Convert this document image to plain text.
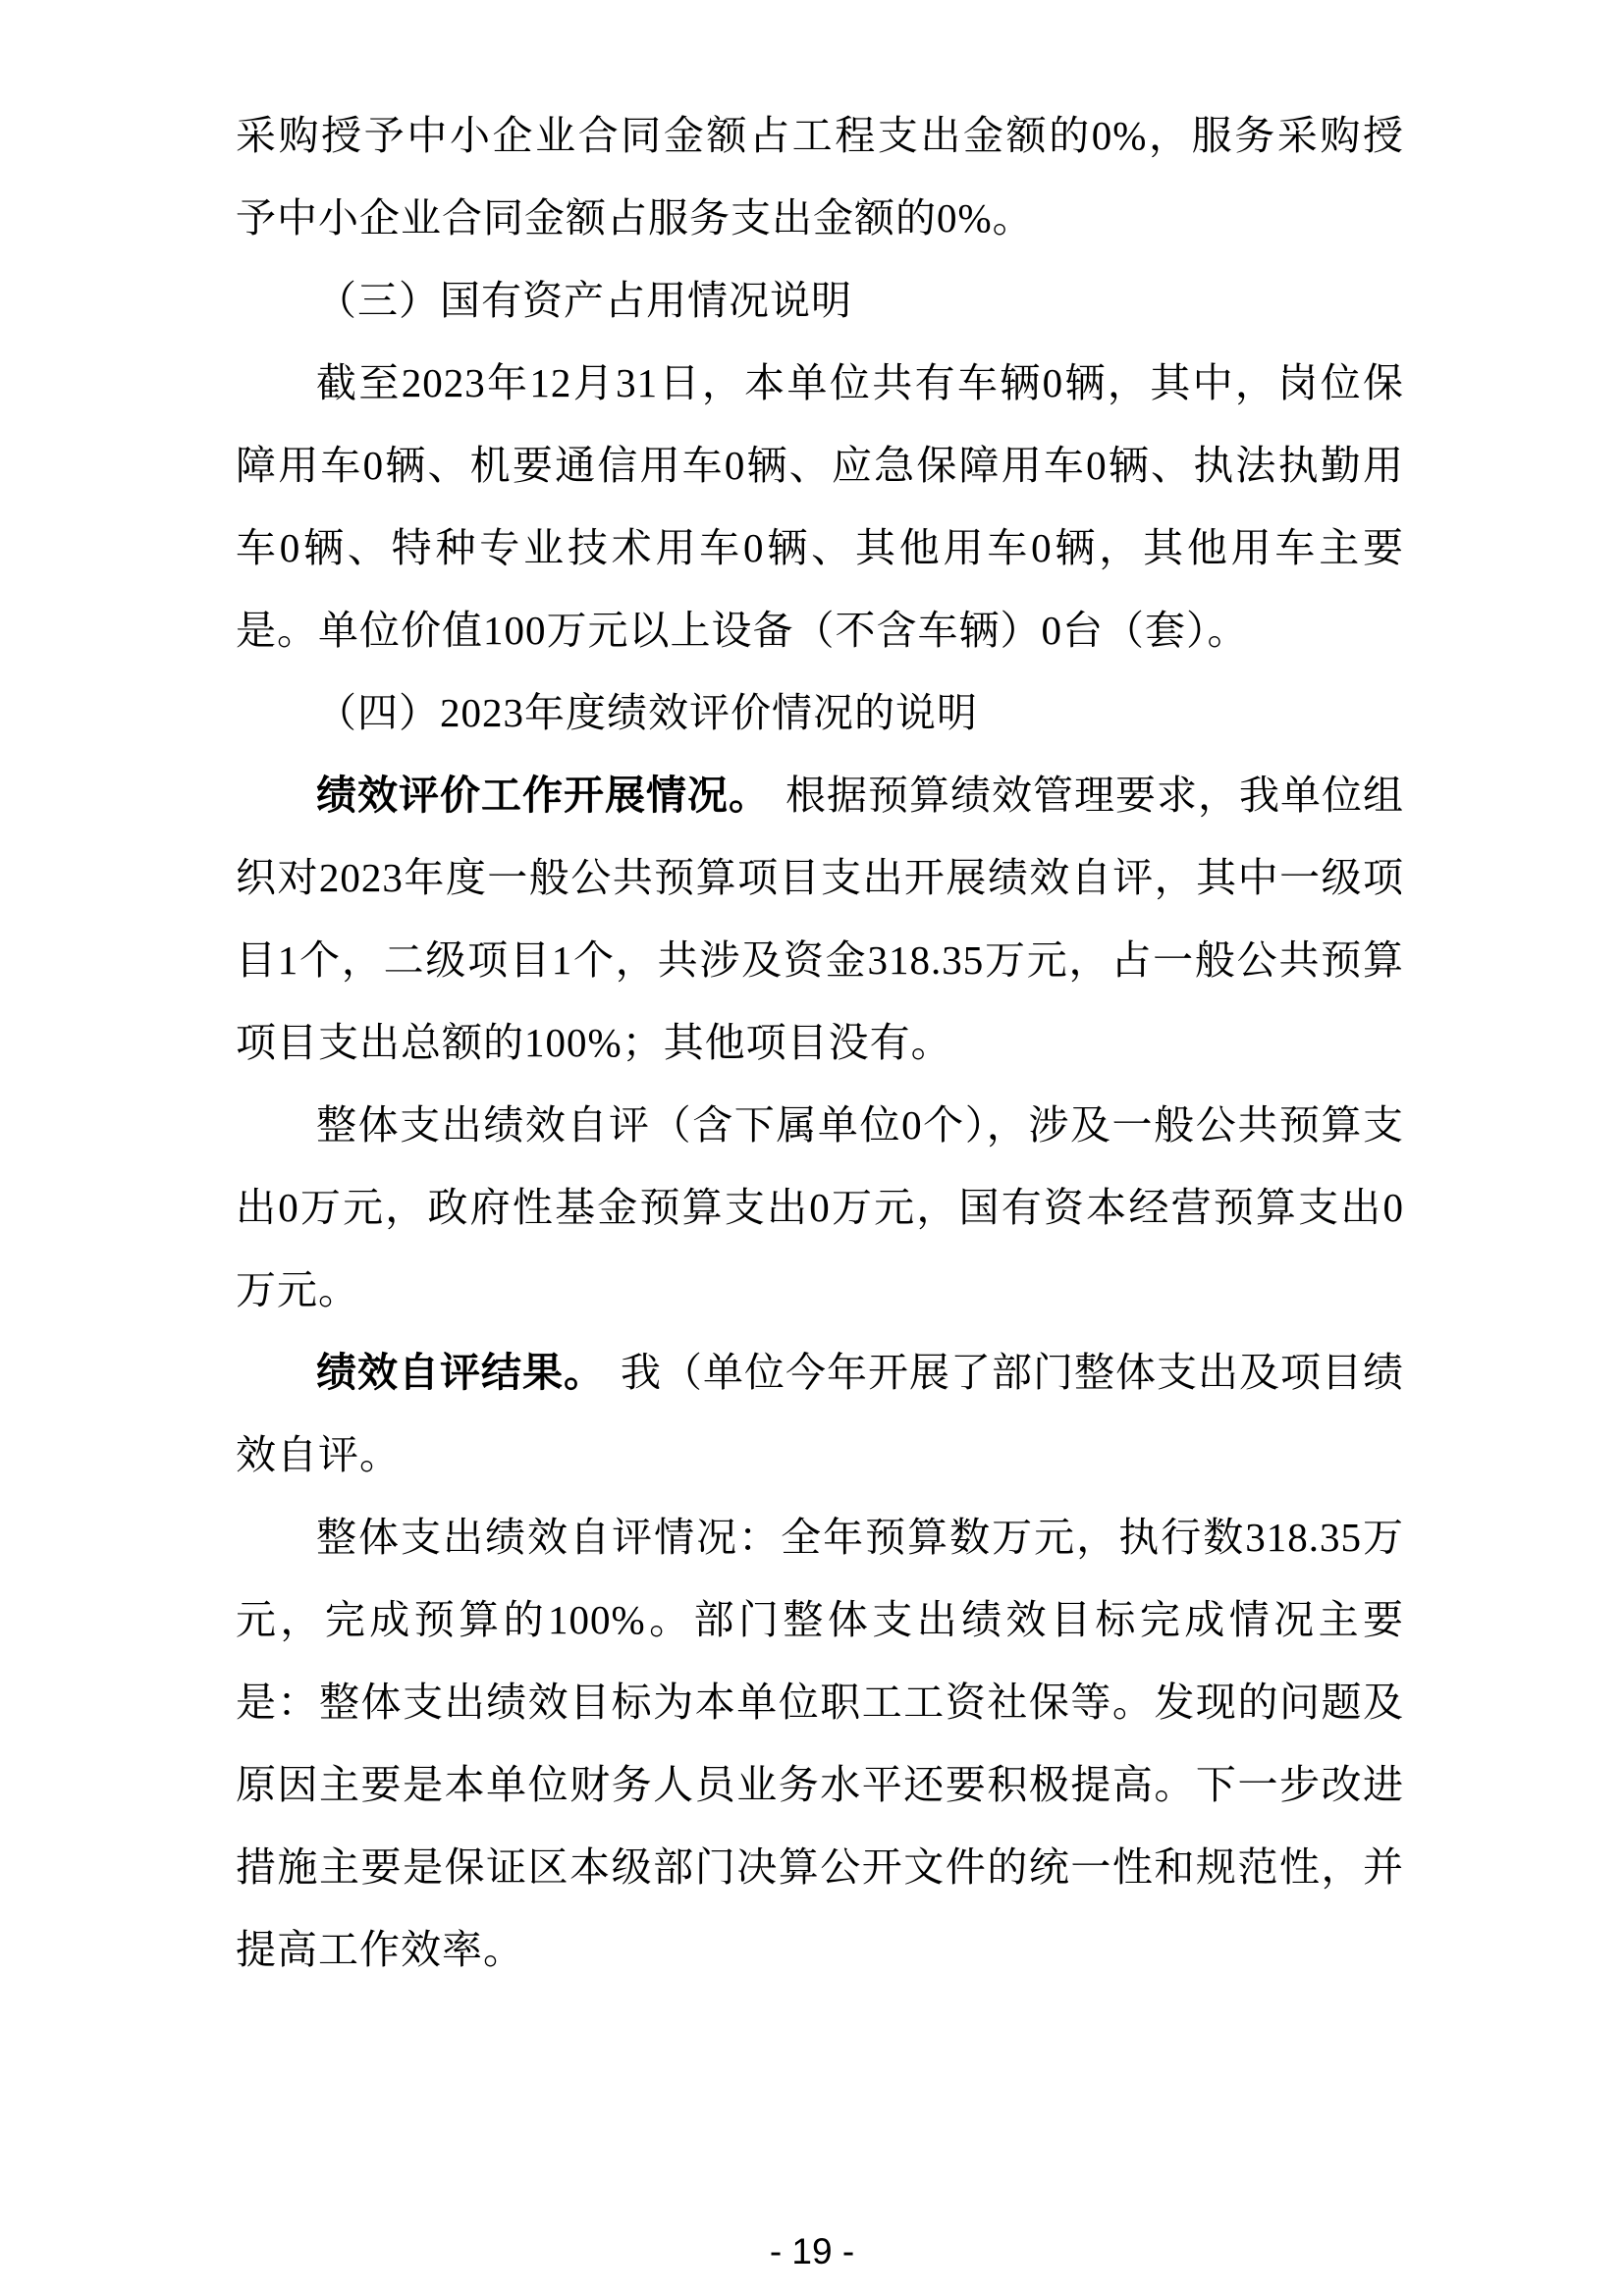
采购授予中小企业合同金额占工程支出金额的0%，服务采购授予中小企业合同金额占服务支出金额的0%。

（三）国有资产占用情况说明

截至2023年12月31日，本单位共有车辆0辆，其中，岗位保障用车0辆、机要通信用车0辆、应急保障用车0辆、执法执勤用车0辆、特种专业技术用车0辆、其他用车0辆，其他用车主要是。单位价值100万元以上设备（不含车辆）0台（套）。

（四）2023年度绩效评价情况的说明

绩效评价工作开展情况。 根据预算绩效管理要求，我单位组织对2023年度一般公共预算项目支出开展绩效自评，其中一级项目1个，二级项目1个，共涉及资金318.35万元，占一般公共预算项目支出总额的100%；其他项目没有。

整体支出绩效自评（含下属单位0个），涉及一般公共预算支出0万元，政府性基金预算支出0万元，国有资本经营预算支出0万元。

绩效自评结果。 我（单位今年开展了部门整体支出及项目绩效自评。

整体支出绩效自评情况：全年预算数万元，执行数318.35万元，完成预算的100%。部门整体支出绩效目标完成情况主要是：整体支出绩效目标为本单位职工工资社保等。发现的问题及原因主要是本单位财务人员业务水平还要积极提高。下一步改进措施主要是保证区本级部门决算公开文件的统一性和规范性，并提高工作效率。

- 19 -
